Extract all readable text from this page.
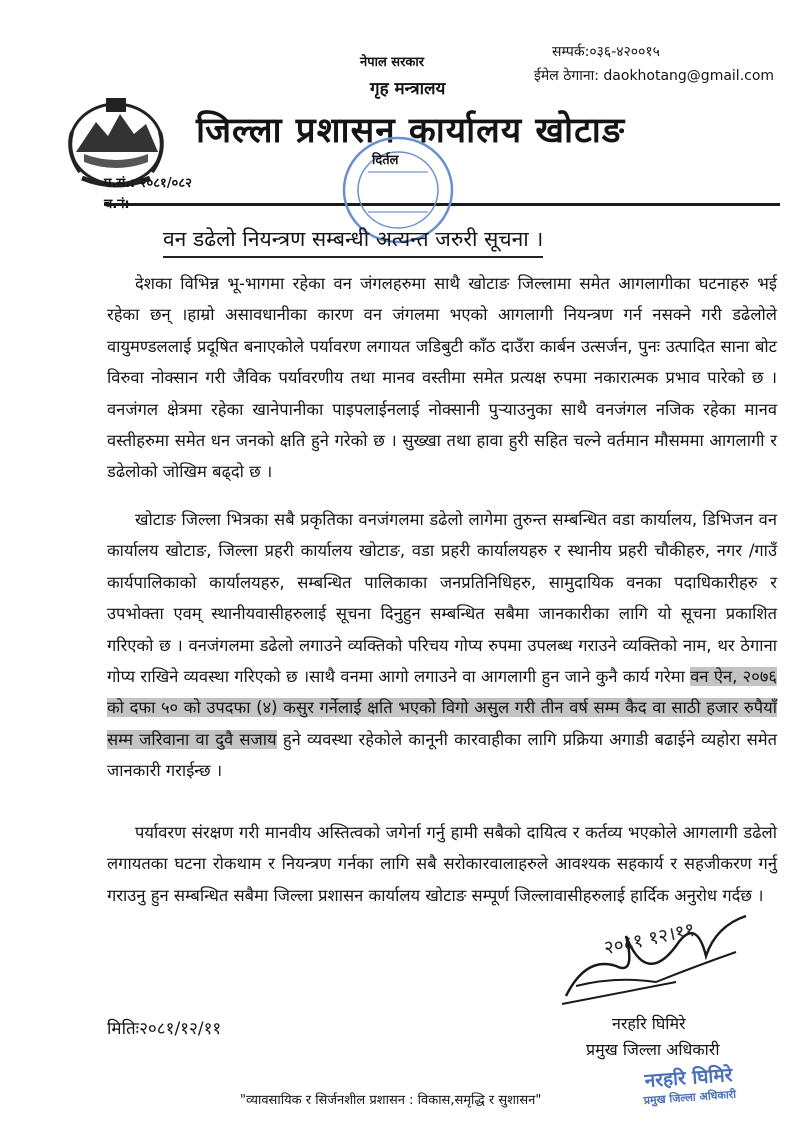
नेपाल सरकार
गृह मन्त्रालय
जिल्ला प्रशासन कार्यालय खोटाङ
सम्पर्क:०३६-४२००१५
ईमेल ठेगाना: daokhotang@gmail.com
प.सं.: २०८१/०८२
दिर्तल
वन डढेलो नियन्त्रण सम्बन्धी अत्यन्त जरुरी सूचना ।

देशका विभिन्न भू-भागमा रहेका वन जंगलहरुमा साथै खोटाङ जिल्लामा समेत आगलागीका घटनाहरु भई रहेका छन् ।हाम्रो असावधानीका कारण वन जंगलमा भएको आगलागी नियन्त्रण गर्न नसक्ने गरी डढेलोले वायुमण्डललाई प्रदूषित बनाएकोले पर्यावरण लगायत जडिबुटी काँठ दाउँरा कार्बन उत्सर्जन, पुनः उत्पादित साना बोट विरुवा नोक्सान गरी जैविक पर्यावरणीय तथा मानव वस्तीमा समेत प्रत्यक्ष रुपमा नकारात्मक प्रभाव पारेको छ । वनजंगल क्षेत्रमा रहेका खानेपानीका पाइपलाईनलाई नोक्सानी पुऱ्याउनुका साथै वनजंगल नजिक रहेका मानव वस्तीहरुमा समेत धन जनको क्षति हुने गरेको छ । सुख्खा तथा हावा हुरी सहित चल्ने वर्तमान मौसममा आगलागी र डढेलोको जोखिम बढ्दो छ ।

खोटाङ जिल्ला भित्रका सबै प्रकृतिका वनजंगलमा डढेलो लागेमा तुरुन्त सम्बन्धित वडा कार्यालय, डिभिजन वन कार्यालय खोटाङ, जिल्ला प्रहरी कार्यालय खोटाङ, वडा प्रहरी कार्यालयहरु र स्थानीय प्रहरी चौकीहरु, नगर /गाउँ कार्यपालिकाको कार्यालयहरु, सम्बन्धित पालिकाका जनप्रतिनिधिहरु, सामुदायिक वनका पदाधिकारीहरु र उपभोक्ता एवम् स्थानीयवासीहरुलाई सूचना दिनुहुन सम्बन्धित सबैमा जानकारीका लागि यो सूचना प्रकाशित गरिएको छ । वनजंगलमा डढेलो लगाउने व्यक्तिको परिचय गोप्य रुपमा उपलब्ध गराउने व्यक्तिको नाम, थर ठेगाना गोप्य राखिने व्यवस्था गरिएको छ ।साथै वनमा आगो लगाउने वा आगलागी हुन जाने कुनै कार्य गरेमा वन ऐन, २०७६ को दफा ५० को उपदफा (४) कसुर गर्नेलाई क्षति भएको विगो असुल गरी तीन वर्ष सम्म कैद वा साठी हजार रुपैयाँ सम्म जरिवाना वा दुवै सजाय हुने व्यवस्था रहेकोले कानूनी कारवाहीका लागि प्रक्रिया अगाडी बढाईने व्यहोरा समेत जानकारी गराईन्छ ।

पर्यावरण संरक्षण गरी मानवीय अस्तित्वको जगेर्ना गर्नु हामी सबैको दायित्व र कर्तव्य भएकोले आगलागी डढेलो लगायतका घटना रोकथाम र नियन्त्रण गर्नका लागि सबै सरोकारवालाहरुले आवश्यक सहकार्य र सहजीकरण गर्नु गराउनु हुन सम्बन्धित सबैमा जिल्ला प्रशासन कार्यालय खोटाङ सम्पूर्ण जिल्लावासीहरुलाई हार्दिक अनुरोध गर्दछ ।

२०८१ १२।११
मितिः२०८१/१२/११	नरहरि घिमिरे
प्रमुख जिल्ला अधिकारी
नरहरि घिमिरे
प्रमुख जिल्ला अधिकारी
"व्यावसायिक र सिर्जनशील प्रशासन : विकास,समृद्धि र सुशासन"
